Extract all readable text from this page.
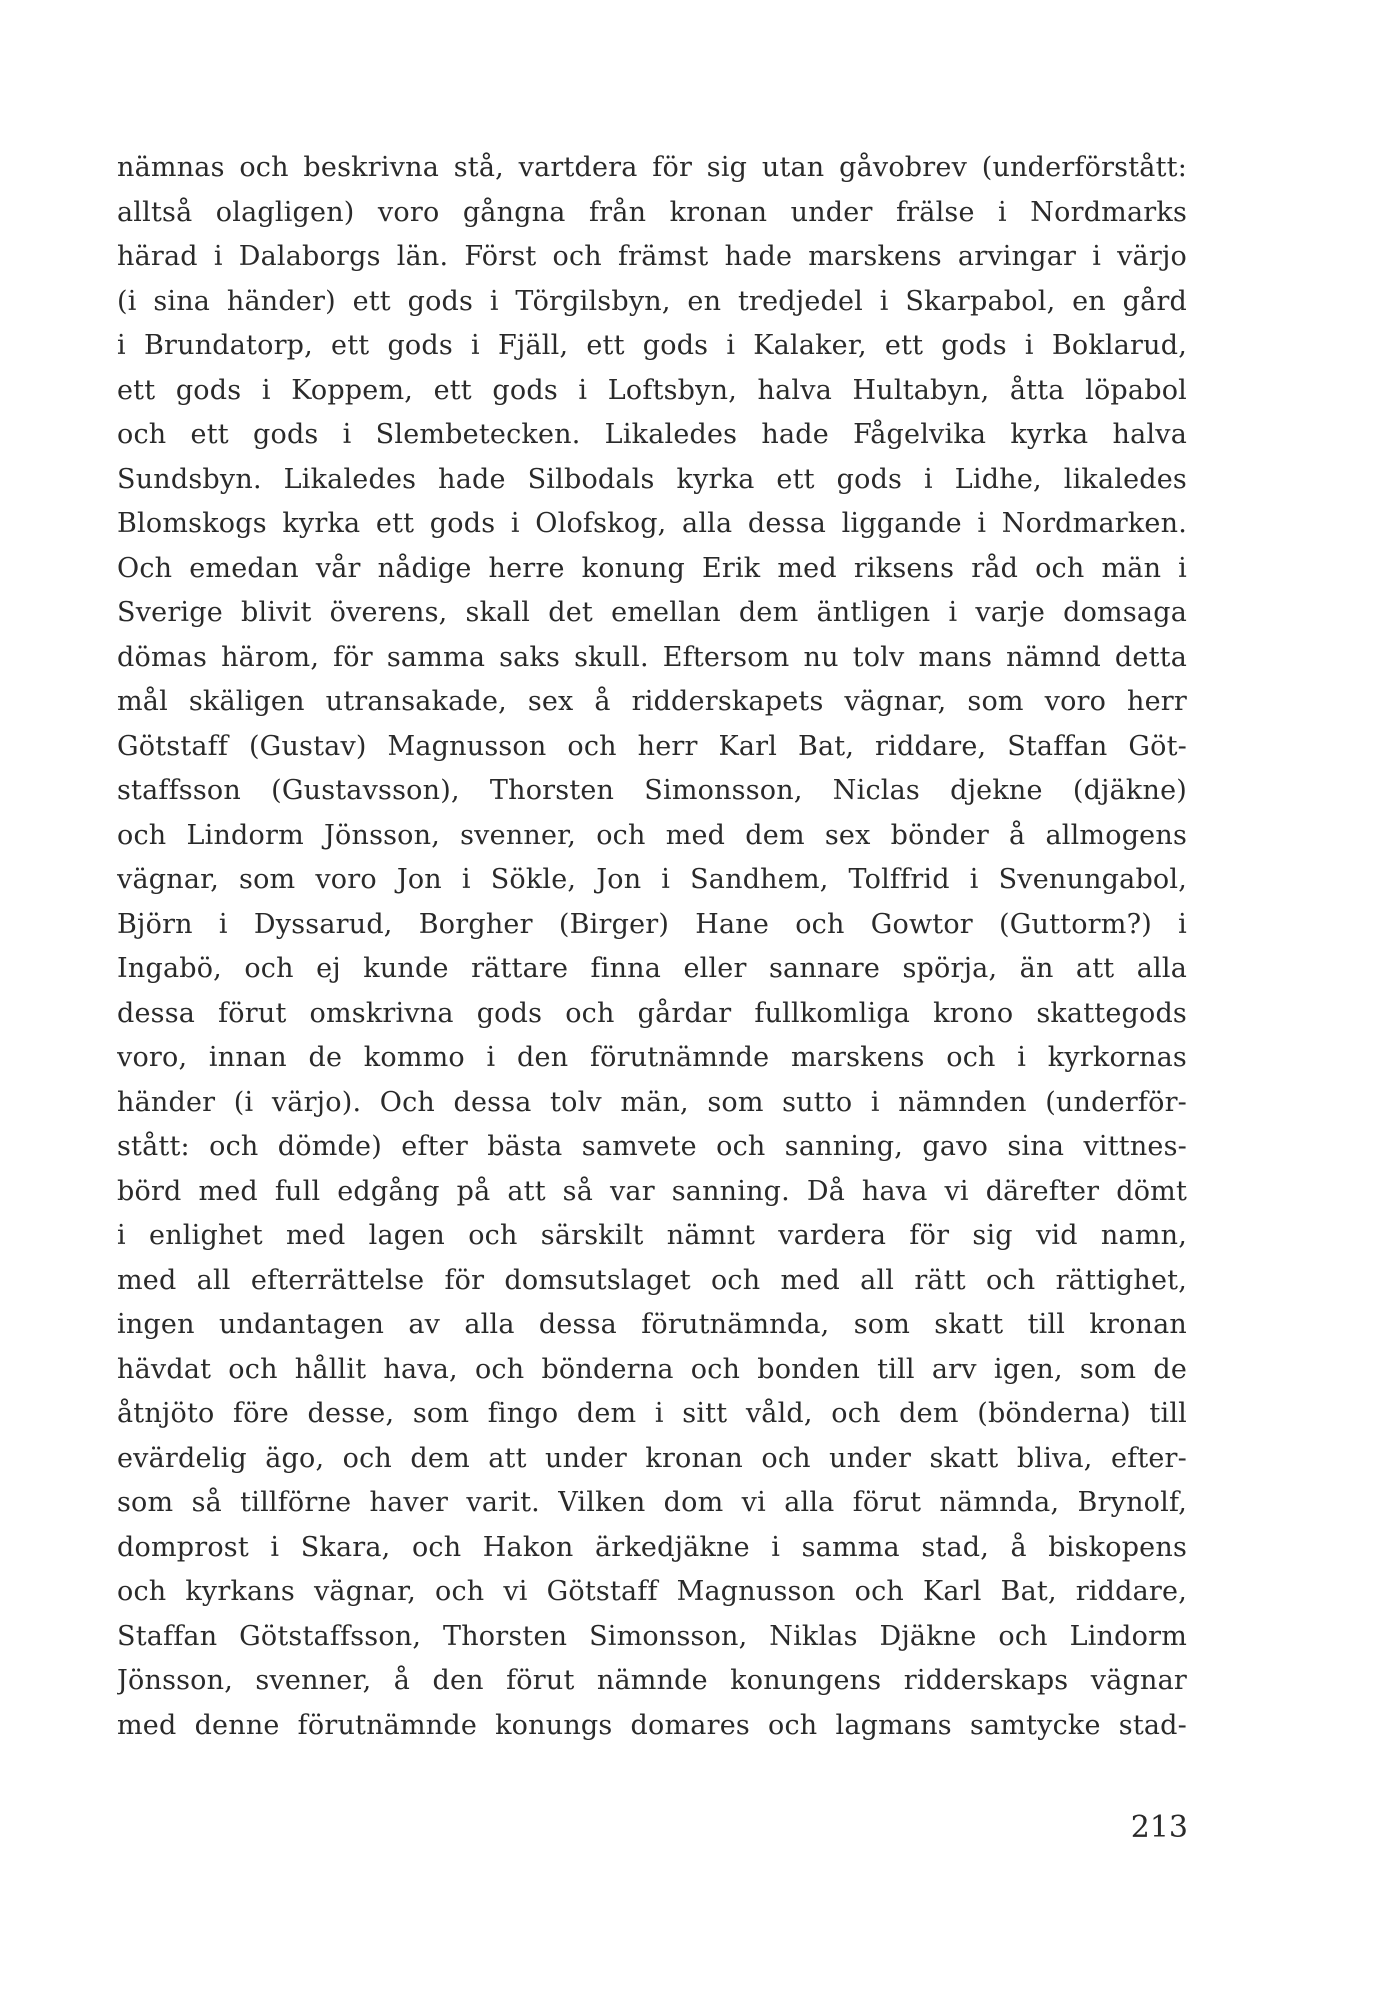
nämnas och beskrivna stå, vartdera för sig utan gåvobrev (underförstått:
alltså olagligen) voro gångna från kronan under frälse i Nordmarks
härad i Dalaborgs län. Först och främst hade marskens arvingar i värjo
(i sina händer) ett gods i Törgilsbyn, en tredjedel i Skarpabol, en gård
i Brundatorp, ett gods i Fjäll, ett gods i Kalaker, ett gods i Boklarud,
ett gods i Koppem, ett gods i Loftsbyn, halva Hultabyn, åtta löpabol
och ett gods i Slembetecken. Likaledes hade Fågelvika kyrka halva
Sundsbyn. Likaledes hade Silbodals kyrka ett gods i Lidhe, likaledes
Blomskogs kyrka ett gods i Olofskog, alla dessa liggande i Nordmarken.
Och emedan vår nådige herre konung Erik med riksens råd och män i
Sverige blivit överens, skall det emellan dem äntligen i varje domsaga
dömas härom, för samma saks skull. Eftersom nu tolv mans nämnd detta
mål skäligen utransakade, sex å ridderskapets vägnar, som voro herr
Götstaff (Gustav) Magnusson och herr Karl Bat, riddare, Staffan Göt-
staffsson (Gustavsson), Thorsten Simonsson, Niclas djekne (djäkne)
och Lindorm Jönsson, svenner, och med dem sex bönder å allmogens
vägnar, som voro Jon i Sökle, Jon i Sandhem, Tolffrid i Svenungabol,
Björn i Dyssarud, Borgher (Birger) Hane och Gowtor (Guttorm?) i
Ingabö, och ej kunde rättare finna eller sannare spörja, än att alla
dessa förut omskrivna gods och gårdar fullkomliga krono skattegods
voro, innan de kommo i den förutnämnde marskens och i kyrkornas
händer (i värjo). Och dessa tolv män, som sutto i nämnden (underför-
stått: och dömde) efter bästa samvete och sanning, gavo sina vittnes-
börd med full edgång på att så var sanning. Då hava vi därefter dömt
i enlighet med lagen och särskilt nämnt vardera för sig vid namn,
med all efterrättelse för domsutslaget och med all rätt och rättighet,
ingen undantagen av alla dessa förutnämnda, som skatt till kronan
hävdat och hållit hava, och bönderna och bonden till arv igen, som de
åtnjöto före desse, som fingo dem i sitt våld, och dem (bönderna) till
evärdelig ägo, och dem att under kronan och under skatt bliva, efter-
som så tillförne haver varit. Vilken dom vi alla förut nämnda, Brynolf,
domprost i Skara, och Hakon ärkedjäkne i samma stad, å biskopens
och kyrkans vägnar, och vi Götstaff Magnusson och Karl Bat, riddare,
Staffan Götstaffsson, Thorsten Simonsson, Niklas Djäkne och Lindorm
Jönsson, svenner, å den förut nämnde konungens ridderskaps vägnar
med denne förutnämnde konungs domares och lagmans samtycke stad-
213
